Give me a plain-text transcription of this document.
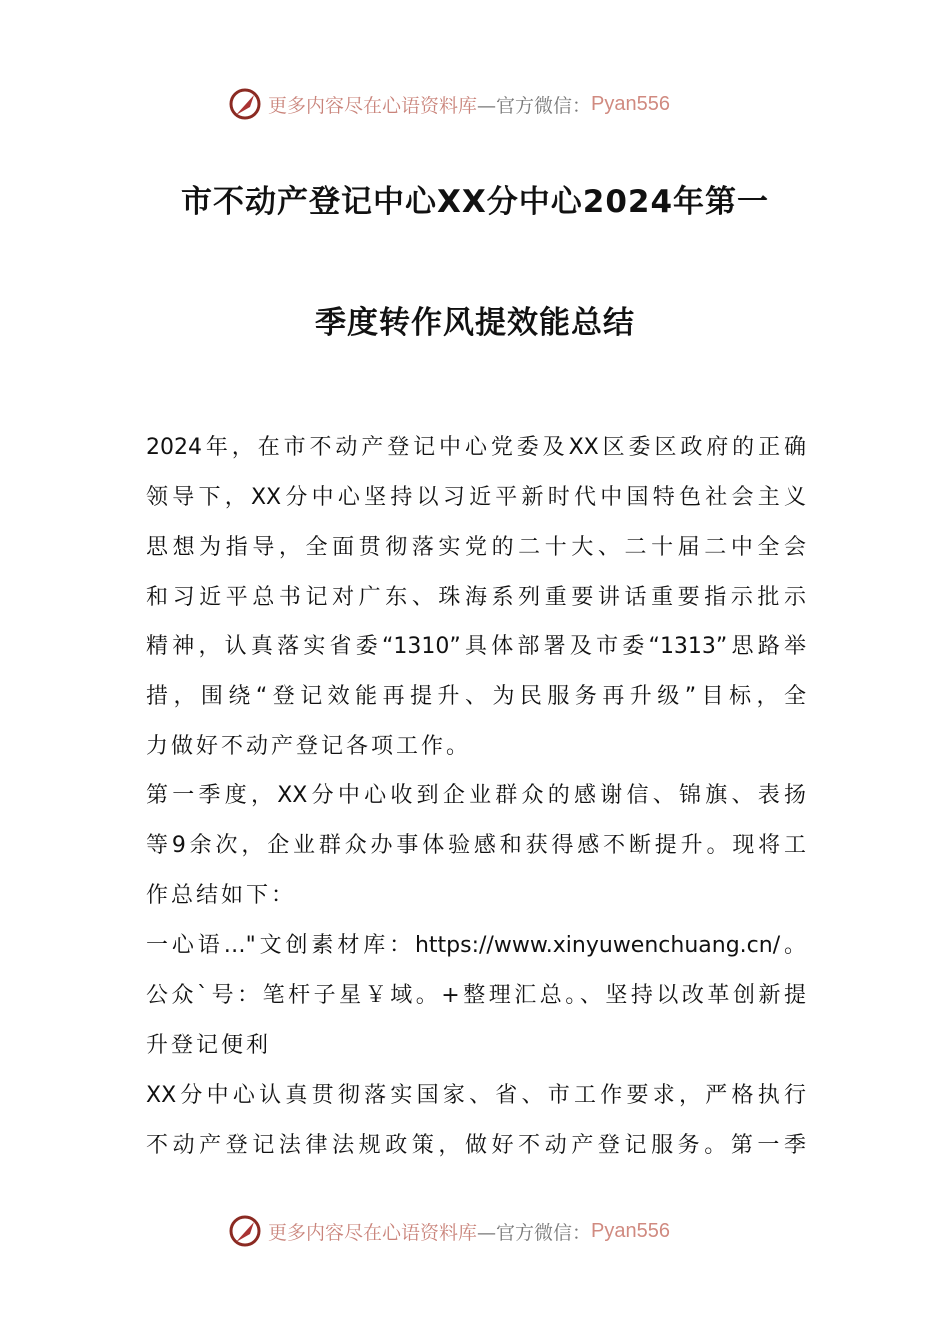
更多内容尽在心语资料库 —官方微信： Pyan556
市不动产登记中心XX分中心2024年第一
季度转作风提效能总结
2024年，在市不动产登记中心党委及XX区委区政府的正确
领导下，XX分中心坚持以习近平新时代中国特色社会主义
思想为指导，全面贯彻落实党的二十大、二十届二中全会
和习近平总书记对广东、珠海系列重要讲话重要指示批示
精神，认真落实省委“1310”具体部署及市委“1313”思路举
措，围绕“登记效能再提升、为民服务再升级”目标，全
力做好不动产登记各项工作。
第一季度，XX分中心收到企业群众的感谢信、锦旗、表扬
等9余次，企业群众办事体验感和获得感不断提升。现将工
作总结如下：
一心语…"文创素材库：https://www.xinyuwenchuang.cn/。
公众`号：笔杆子星￥域。+整理汇总。、坚持以改革创新提
升登记便利
XX分中心认真贯彻落实国家、省、市工作要求，严格执行
不动产登记法律法规政策，做好不动产登记服务。第一季
更多内容尽在心语资料库 —官方微信： Pyan556
